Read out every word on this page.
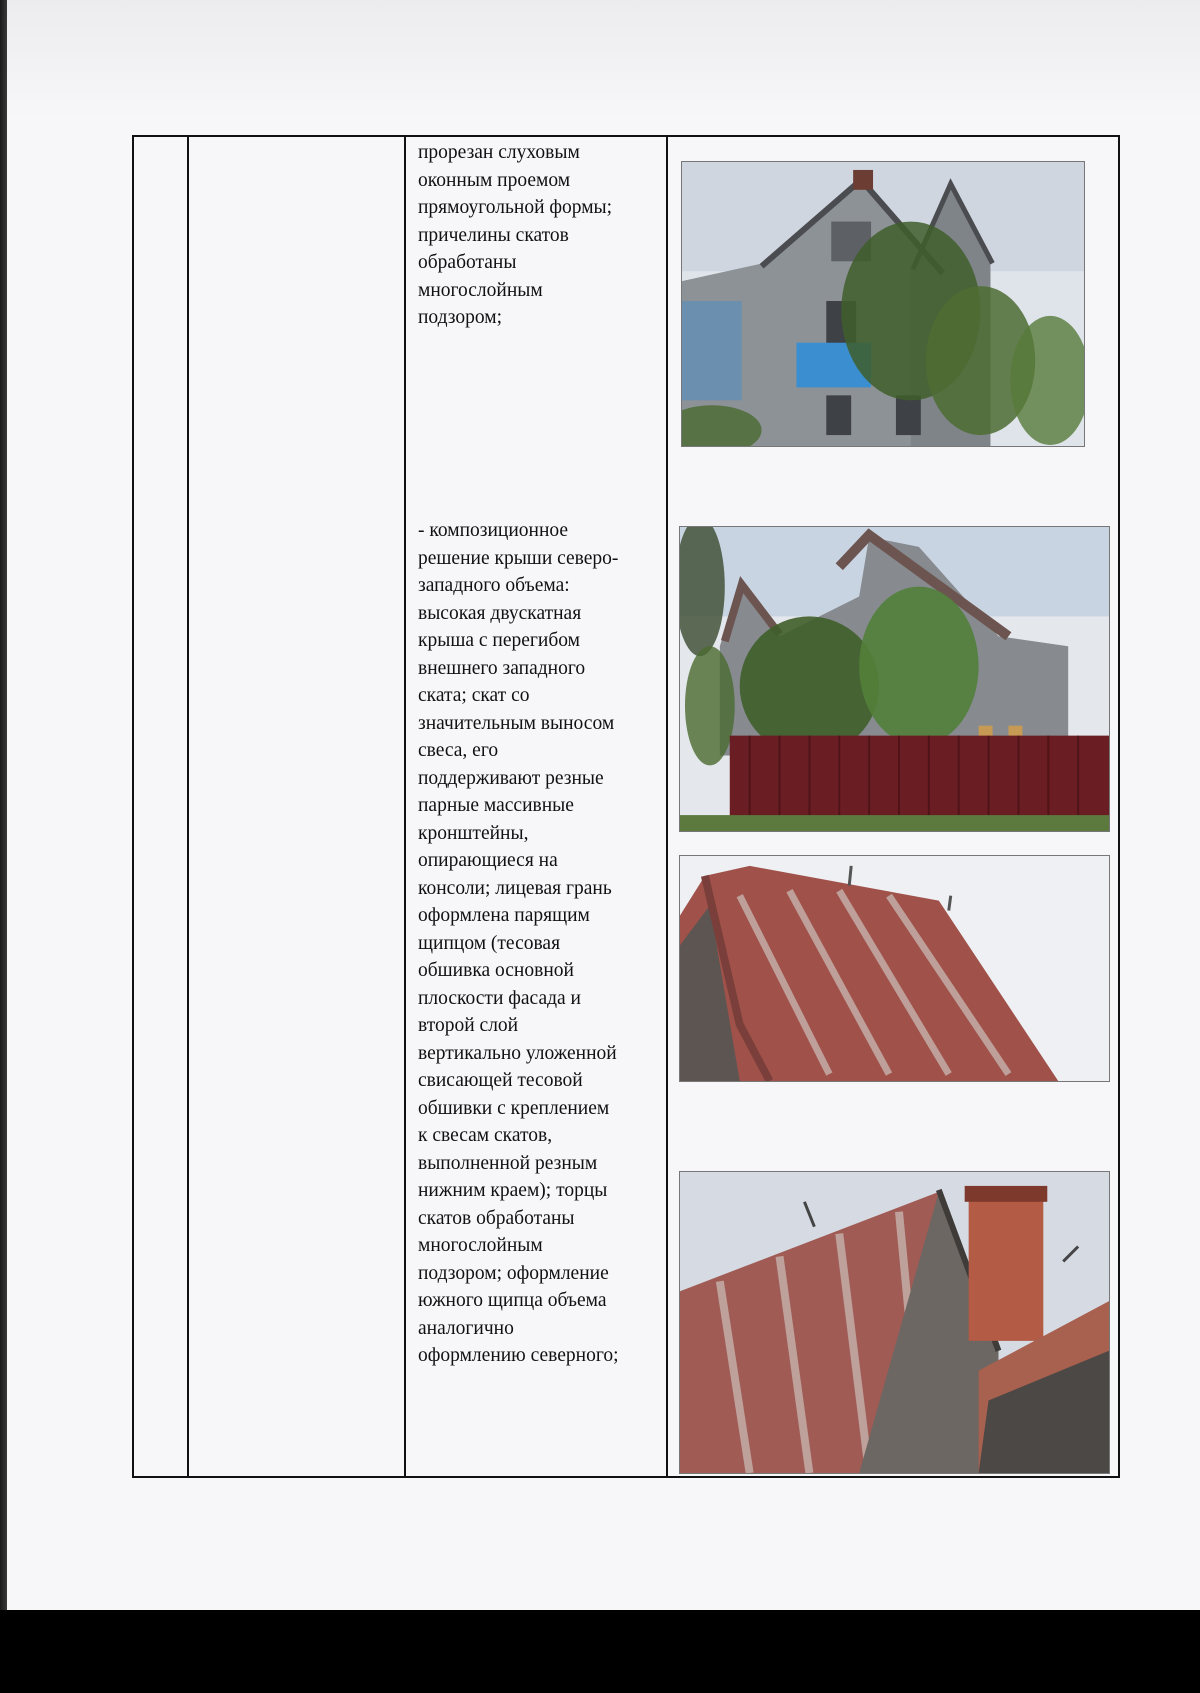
прорезан слуховым
оконным проемом
прямоугольной формы;
причелины скатов
обработаны
многослойным
подзором;
- композиционное
решение крыши северо-
западного объема:
высокая двускатная
крыша с перегибом
внешнего западного
ската; скат со
значительным выносом
свеса, его
поддерживают резные
парные массивные
кронштейны,
опирающиеся на
консоли; лицевая грань
оформлена парящим
щипцом (тесовая
обшивка основной
плоскости фасада и
второй слой
вертикально уложенной
свисающей тесовой
обшивки с креплением
к свесам скатов,
выполненной резным
нижним краем); торцы
скатов обработаны
многослойным
подзором; оформление
южного щипца объема
аналогично
оформлению северного;
